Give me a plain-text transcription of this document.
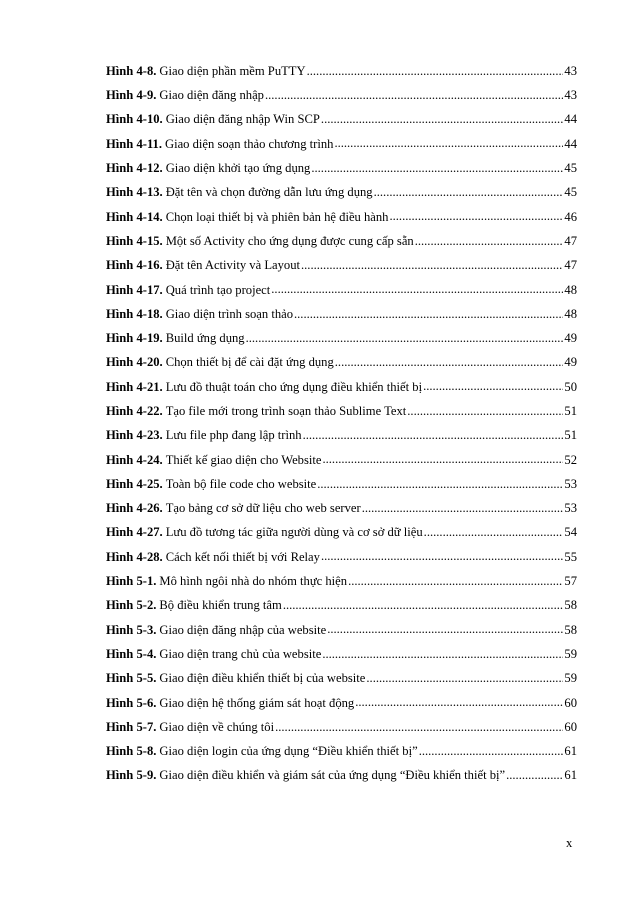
Hình 4-8. Giao diện phần mềm PuTTY .....	43
Hình 4-9. Giao diện đăng nhập .....	43
Hình 4-10. Giao diện đăng nhập Win SCP .....	44
Hình 4-11. Giao diện soạn thảo chương trình .....	44
Hình 4-12. Giao diện khởi tạo ứng dụng .....	45
Hình 4-13. Đặt tên và chọn đường dẫn lưu ứng dụng .....	45
Hình 4-14. Chọn loại thiết bị và phiên bản hệ điều hành .....	46
Hình 4-15. Một số Activity cho ứng dụng được cung cấp sẵn .....	47
Hình 4-16. Đặt tên Activity và Layout .....	47
Hình 4-17. Quá trình tạo project .....	48
Hình 4-18. Giao diện trình soạn thảo .....	48
Hình 4-19. Build ứng dụng .....	49
Hình 4-20. Chọn thiết bị để cài đặt ứng dụng .....	49
Hình 4-21. Lưu đồ thuật toán cho ứng dụng điều khiển thiết bị .....	50
Hình 4-22. Tạo file mới trong trình soạn thảo Sublime Text .....	51
Hình 4-23. Lưu file php đang lập trình .....	51
Hình 4-24. Thiết kế giao diện cho Website .....	52
Hình 4-25. Toàn bộ file code cho website .....	53
Hình 4-26. Tạo bảng cơ sở dữ liệu cho web server .....	53
Hình 4-27. Lưu đồ tương tác giữa người dùng và cơ sở dữ liệu .....	54
Hình 4-28. Cách kết nối thiết bị với Relay .....	55
Hình 5-1. Mô hình ngôi nhà do nhóm thực hiện .....	57
Hình 5-2. Bộ điều khiển trung tâm .....	58
Hình 5-3. Giao diện đăng nhập của website .....	58
Hình 5-4. Giao diện trang chủ của website .....	59
Hình 5-5. Giao điện điều khiển thiết bị của website .....	59
Hình 5-6. Giao diện hệ thống giám sát hoạt động .....	60
Hình 5-7. Giao diện về chúng tôi .....	60
Hình 5-8. Giao diện login của ứng dụng “Điều khiển thiết bị” .....	61
Hình 5-9. Giao diện điều khiển và giám sát của ứng dụng “Điều khiển thiết bị” .....	61
x
